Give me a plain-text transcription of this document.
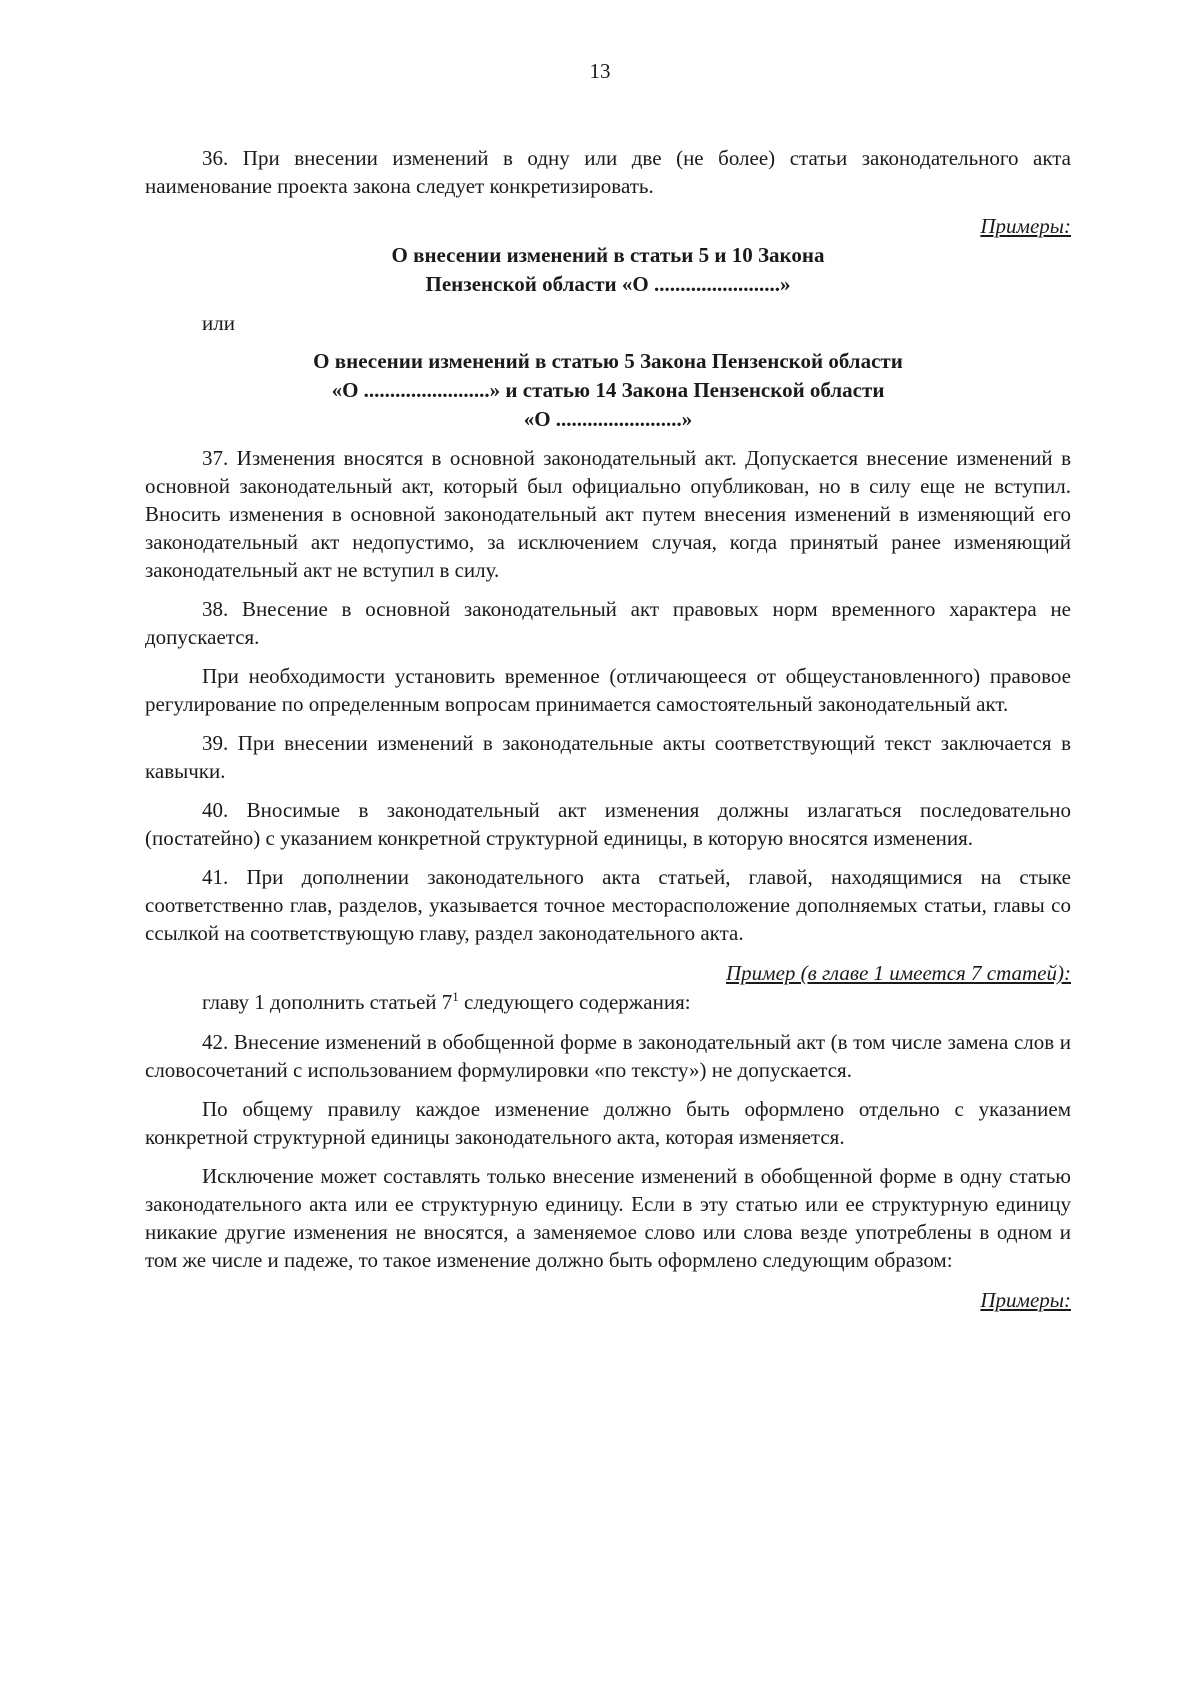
13

36. При внесении изменений в одну или две (не более) статьи законодательного акта наименование проекта закона следует конкретизировать.

Примеры:

О внесении изменений в статьи 5 и 10 Закона
Пензенской области «О ........................»

или

О внесении изменений в статью 5 Закона Пензенской области
«О ........................» и статью 14 Закона Пензенской области
«О ........................»

37. Изменения вносятся в основной законодательный акт. Допускается внесение изменений в основной законодательный акт, который был официально опубликован, но в силу еще не вступил. Вносить изменения в основной законодательный акт путем внесения изменений в изменяющий его законодательный акт недопустимо, за исключением случая, когда принятый ранее изменяющий законодательный акт не вступил в силу.

38. Внесение в основной законодательный акт правовых норм временного характера не допускается.

При необходимости установить временное (отличающееся от общеустановленного) правовое регулирование по определенным вопросам принимается самостоятельный законодательный акт.

39. При внесении изменений в законодательные акты соответствующий текст заключается в кавычки.

40. Вносимые в законодательный акт изменения должны излагаться последовательно (постатейно) с указанием конкретной структурной единицы, в которую вносятся изменения.

41. При дополнении законодательного акта статьей, главой, находящимися на стыке соответственно глав, разделов, указывается точное месторасположение дополняемых статьи, главы со ссылкой на соответствующую главу, раздел законодательного акта.

Пример (в главе 1 имеется 7 статей):

главу 1 дополнить статьей $7^1$ следующего содержания:

42. Внесение изменений в обобщенной форме в законодательный акт (в том числе замена слов и словосочетаний с использованием формулировки «по тексту») не допускается.

По общему правилу каждое изменение должно быть оформлено отдельно с указанием конкретной структурной единицы законодательного акта, которая изменяется.

Исключение может составлять только внесение изменений в обобщенной форме в одну статью законодательного акта или ее структурную единицу. Если в эту статью или ее структурную единицу никакие другие изменения не вносятся, а заменяемое слово или слова везде употреблены в одном и том же числе и падеже, то такое изменение должно быть оформлено следующим образом:

Примеры:
